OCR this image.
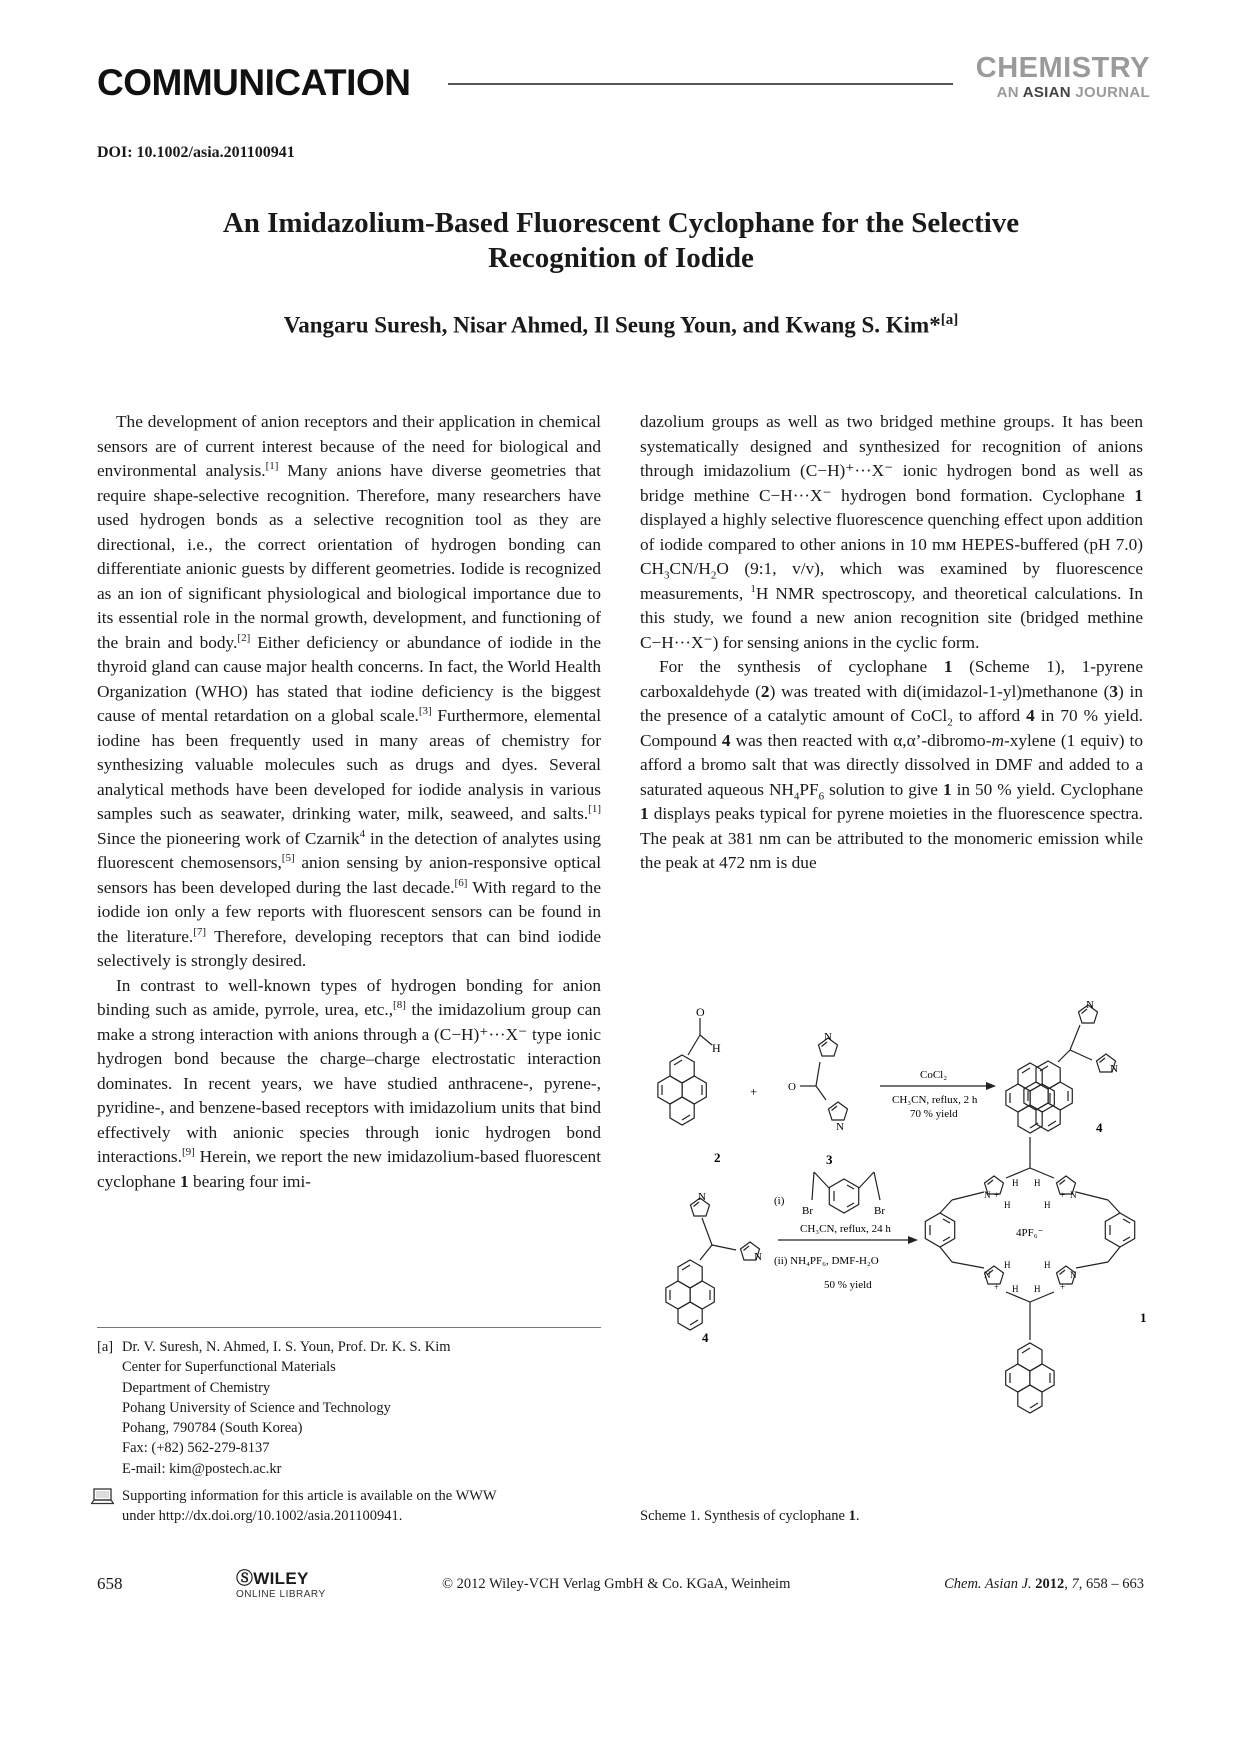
COMMUNICATION	CHEMISTRY
AN ASIAN JOURNAL
DOI: 10.1002/asia.201100941
An Imidazolium-Based Fluorescent Cyclophane for the Selective
Recognition of Iodide
Vangaru Suresh, Nisar Ahmed, Il Seung Youn, and Kwang S. Kim*[a]

The development of anion receptors and their application in chemical sensors are of current interest because of the need for biological and environmental analysis.[1] Many anions have diverse geometries that require shape-selective recognition. Therefore, many researchers have used hydrogen bonds as a selective recognition tool as they are directional, i.e., the correct orientation of hydrogen bonding can differentiate anionic guests by different geometries. Iodide is recognized as an ion of significant physiological and biological importance due to its essential role in the normal growth, development, and functioning of the brain and body.[2] Either deficiency or abundance of iodide in the thyroid gland can cause major health concerns. In fact, the World Health Organization (WHO) has stated that iodine deficiency is the biggest cause of mental retardation on a global scale.[3] Furthermore, elemental iodine has been frequently used in many areas of chemistry for synthesizing valuable molecules such as drugs and dyes. Several analytical methods have been developed for iodide analysis in various samples such as seawater, drinking water, milk, seaweed, and salts.[1] Since the pioneering work of Czarnik$^4$ in the detection of analytes using fluorescent chemosensors,[5] anion sensing by anion-responsive optical sensors has been developed during the last decade.[6] With regard to the iodide ion only a few reports with fluorescent sensors can be found in the literature.[7] Therefore, developing receptors that can bind iodide selectively is strongly desired.

In contrast to well-known types of hydrogen bonding for anion binding such as amide, pyrrole, urea, etc.,[8] the imidazolium group can make a strong interaction with anions through a (C−H)⁺···X⁻ type ionic hydrogen bond because the charge–charge electrostatic interaction dominates. In recent years, we have studied anthracene-, pyrene-, pyridine-, and benzene-based receptors with imidazolium units that bind effectively with anionic species through ionic hydrogen bond interactions.[9] Herein, we report the new imidazolium-based fluorescent cyclophane 1 bearing four imi-

dazolium groups as well as two bridged methine groups. It has been systematically designed and synthesized for recognition of anions through imidazolium (C−H)⁺···X⁻ ionic hydrogen bond as well as bridge methine C−H···X⁻ hydrogen bond formation. Cyclophane 1 displayed a highly selective fluorescence quenching effect upon addition of iodide compared to other anions in 10 mᴍ HEPES-buffered (pH 7.0) $CH_3CN/H_2O$ (9:1, v/v), which was examined by fluorescence measurements, $^1$H NMR spectroscopy, and theoretical calculations. In this study, we found a new anion recognition site (bridged methine C−H···X⁻) for sensing anions in the cyclic form.

For the synthesis of cyclophane 1 (Scheme 1), 1-pyrene carboxaldehyde (2) was treated with di(imidazol-1-yl)methanone (3) in the presence of a catalytic amount of CoCl$_2$ to afford 4 in 70 % yield. Compound 4 was then reacted with α,α’-dibromo-m-xylene (1 equiv) to afford a bromo salt that was directly dissolved in DMF and added to a saturated aqueous $NH_4PF_6$ solution to give 1 in 50 % yield. Cyclophane 1 displays peaks typical for pyrene moieties in the fluorescence spectra. The peak at 381 nm can be attributed to the monomeric emission while the peak at 472 nm is due

[a] Dr. V. Suresh, N. Ahmed, I. S. Youn, Prof. Dr. K. S. Kim
Center for Superfunctional Materials
Department of Chemistry
Pohang University of Science and Technology
Pohang, 790784 (South Korea)
Fax: (+82) 562-279-8137
E-mail: kim@postech.ac.kr
Supporting information for this article is available on the WWW
under http://dx.doi.org/10.1002/asia.201100941.
O
H
2
+
N
O
N
3
CoCl₂
CH₃CN, reflux, 2 h
70 % yield
N
N
4
N
N
4
Br	Br
(i)
CH₃CN, reflux, 24 h
(ii) NH₄PF₆, DMF-H₂O
50 % yield
N +	+ N
H H
H	H
N
+	+
N
H	H
H H
4PF₆⁻
1
Scheme 1. Synthesis of cyclophane 1.
658	ⓈWILEY
ONLINE LIBRARY
© 2012 Wiley-VCH Verlag GmbH & Co. KGaA, Weinheim	Chem. Asian J. 2012, 7, 658 – 663
